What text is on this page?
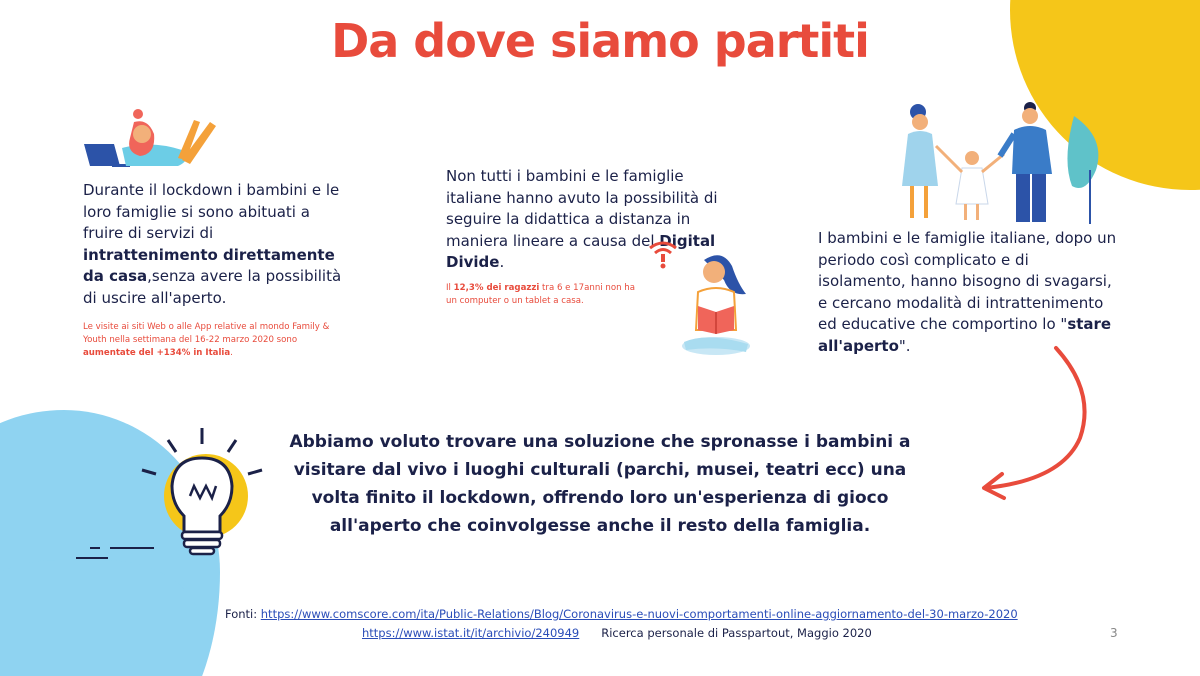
Da dove siamo partiti
Durante il lockdown i bambini e le loro famiglie si sono abituati a fruire di servizi di intrattenimento direttamente da casa,senza avere la possibilità di uscire all'aperto.
Le visite ai siti Web o alle App relative al mondo Family & Youth nella settimana del 16-22 marzo 2020 sono aumentate del +134% in Italia.
Non tutti i bambini e le famiglie italiane hanno avuto la possibilità di seguire la didattica a distanza in maniera lineare a causa del Digital Divide.
Il 12,3% dei ragazzi tra 6 e 17anni non ha un computer o un tablet a casa.
I bambini e le famiglie italiane, dopo un periodo così complicato e di isolamento, hanno bisogno di svagarsi, e cercano modalità di intrattenimento ed educative che comportino lo "stare all'aperto".
Abbiamo voluto trovare una soluzione che spronasse i bambini a visitare dal vivo i luoghi culturali (parchi, musei, teatri ecc) una volta finito il lockdown, offrendo loro un'esperienza di gioco all'aperto che coinvolgesse anche il resto della famiglia.
Fonti: https://www.comscore.com/ita/Public-Relations/Blog/Coronavirus-e-nuovi-comportamenti-online-aggiornamento-del-30-marzo-2020
https://www.istat.it/it/archivio/240949 Ricerca personale di Passpartout, Maggio 2020	3
